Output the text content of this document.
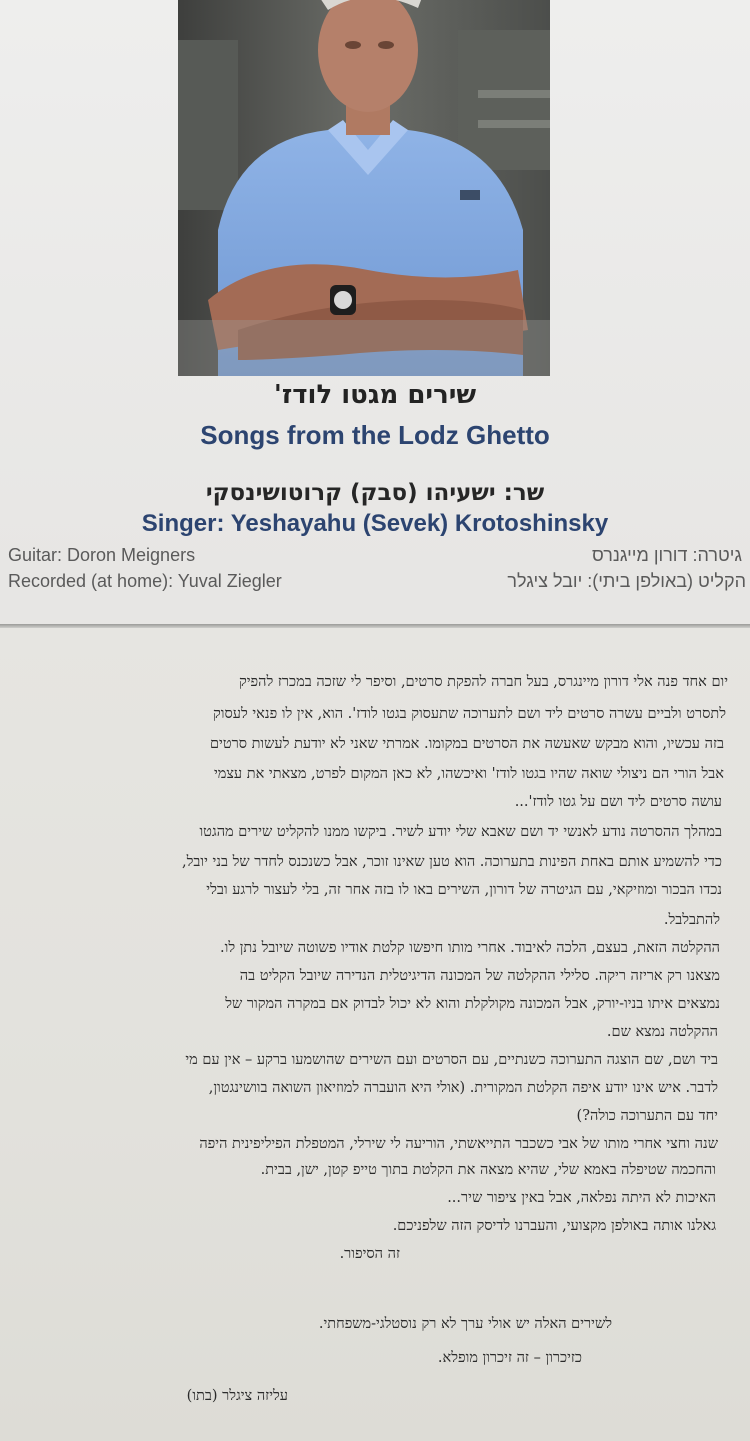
שירים מגטו לודז'
Songs from the Lodz Ghetto
שר: ישעיהו (סבק) קרוטושינסקי
Singer: Yeshayahu (Sevek) Krotoshinsky
Guitar: Doron Meigners
Recorded (at home): Yuval Ziegler
גיטרה: דורון מייגנרס
הקליט (באולפן ביתי): יובל ציגלר
יום אחד פנה אלי דורון מיינגרס, בעל חברה להפקת סרטים, וסיפר לי שזכה במכרז להפיק
לתסרט ולביים עשרה סרטים ליד ושם לתערוכה שתעסוק בגטו לודז'. הוא, אין לו פנאי לעסוק
בזה עכשיו, והוא מבקש שאעשה את הסרטים במקומו. אמרתי שאני לא יודעת לעשות סרטים
אבל הורי הם ניצולי שואה שהיו בגטו לודז' ואיכשהו, לא כאן המקום לפרט, מצאתי את עצמי
עושה סרטים ליד ושם על גטו לודז'...
במהלך ההסרטה נודע לאנשי יד ושם שאבא שלי יודע לשיר. ביקשו ממנו להקליט שירים מהגטו
כדי להשמיע אותם באחת הפינות בתערוכה. הוא טען שאינו זוכר, אבל כשנכנס לחדר של בני יובל,
נכדו הבכור ומוזיקאי, עם הגיטרה של דורון, השירים באו לו בזה אחר זה, בלי לעצור לרגע ובלי
להתבלבל.
ההקלטה הזאת, בעצם, הלכה לאיבוד. אחרי מותו חיפשו קלטת אודיו פשוטה שיובל נתן לו.
מצאנו רק אריזה ריקה. סלילי ההקלטה של המכונה הדיגיטלית הנדירה שיובל הקליט בה
נמצאים איתו בניו-יורק, אבל המכונה מקולקלת והוא לא יכול לבדוק אם במקרה המקור של
ההקלטה נמצא שם.
ביד ושם, שם הוצגה התערוכה כשנתיים, עם הסרטים ועם השירים שהושמעו ברקע – אין עם מי
לדבר. איש אינו יודע איפה הקלטת המקורית. (אולי היא הועברה למוזיאון השואה בוושינגטון,
יחד עם התערוכה כולה?)
שנה וחצי אחרי מותו של אבי כשכבר התייאשתי, הוריעה לי שירלי, המטפלת הפיליפינית היפה
והחכמה שטיפלה באמא שלי, שהיא מצאה את הקלטת בתוך טייפ קטן, ישן, בבית.
האיכות לא היתה נפלאה, אבל באין ציפור שיר...
גאלנו אותה באולפן מקצועי, והעברנו לדיסק הזה שלפניכם.
זה הסיפור.
לשירים האלה יש אולי ערך לא רק נוסטלגי-משפחתי.
כזיכרון – זה זיכרון מופלא.
עליזה ציגלר (בתו)
